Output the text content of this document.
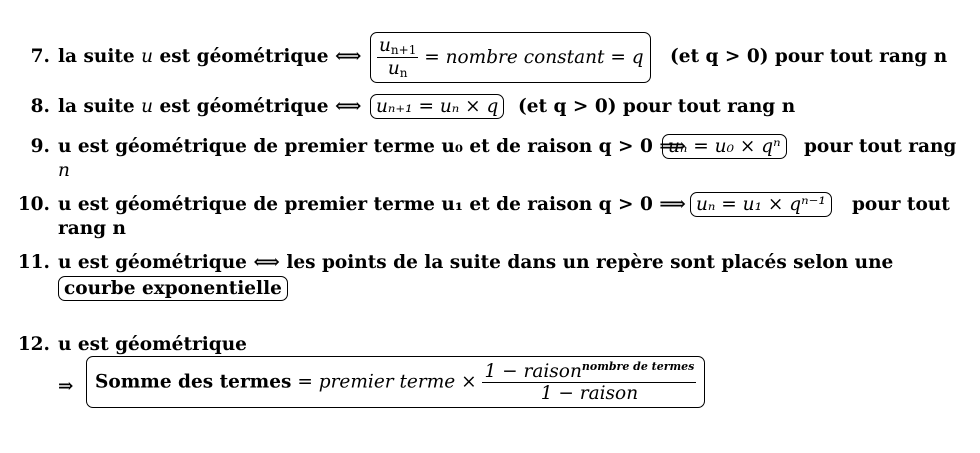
7. la suite u est géométrique ⟺ $\frac{u_{n+1}}{u_n}$ = nombre constant = q	(et q > 0) pour tout rang n
8. la suite u est géométrique ⟺ uₙ₊₁ = uₙ × q	(et q > 0) pour tout rang n
9. u est géométrique de premier terme u₀ et de raison q > 0 ⟹
uₙ = u₀ × qⁿ	pour tout rang
n
10. u est géométrique de premier terme u₁ et de raison q > 0 ⟹ uₙ = u₁ × qⁿ⁻¹	pour tout
rang n
11. u est géométrique ⟺ les points de la suite dans un repère sont placés selon une
courbe exponentielle
12. u est géométrique
⇒	Somme des termes = premier terme × $\frac{1 - raison^{nombre de termes}}{\text{1 − raison}}$
